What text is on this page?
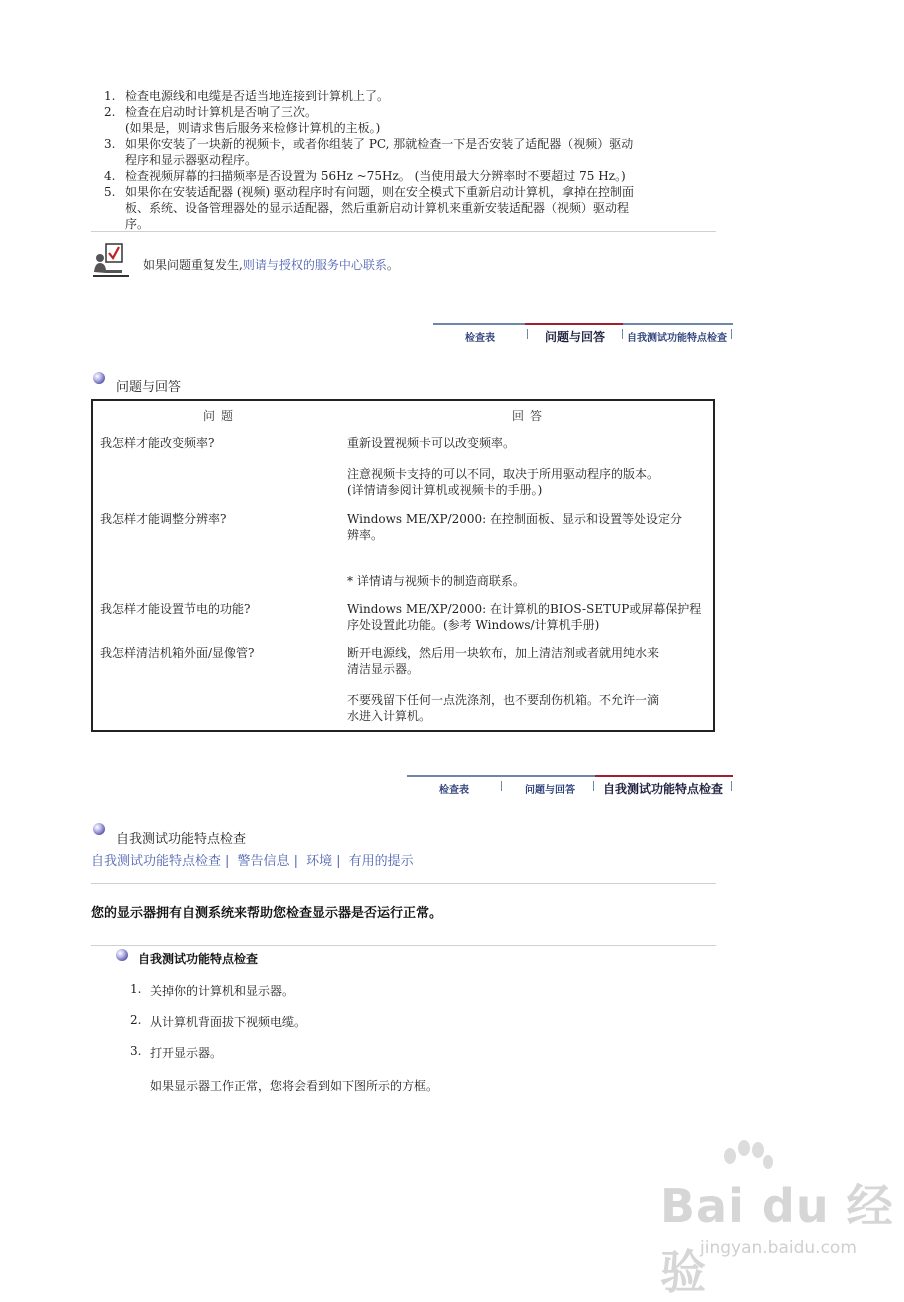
1. 检查电源线和电缆是否适当地连接到计算机上了。
2. 检查在启动时计算机是否响了三次。
(如果是，则请求售后服务来检修计算机的主板。)
3. 如果你安装了一块新的视频卡，或者你组装了 PC, 那就检查一下是否安装了适配器（视频）驱动
程序和显示器驱动程序。
4. 检查视频屏幕的扫描频率是否设置为 56Hz ~75Hz。 (当使用最大分辨率时不要超过 75 Hz。)
5. 如果你在安装适配器 (视频) 驱动程序时有问题，则在安全模式下重新启动计算机，拿掉在控制面
板、系统、设备管理器处的显示适配器，然后重新启动计算机来重新安装适配器（视频）驱动程
序。
如果问题重复发生,则请与授权的服务中心联系。
检查表	问题与回答	自我测试功能特点检查
问题与回答
问题	回答
我怎样才能改变频率?	重新设置视频卡可以改变频率。
注意视频卡支持的可以不同，取决于所用驱动程序的版本。
(详情请参阅计算机或视频卡的手册。)
我怎样才能调整分辨率?	Windows ME/XP/2000: 在控制面板、显示和设置等处设定分
辨率。
* 详情请与视频卡的制造商联系。
我怎样才能设置节电的功能?	Windows ME/XP/2000: 在计算机的BIOS-SETUP或屏幕保护程
序处设置此功能。(参考 Windows/计算机手册)
我怎样清洁机箱外面/显像管?	断开电源线，然后用一块软布，加上清洁剂或者就用纯水来
清洁显示器。
不要残留下任何一点洗涤剂，也不要刮伤机箱。不允许一滴
水进入计算机。
检查表	问题与回答	自我测试功能特点检查
自我测试功能特点检查
自我测试功能特点检查 | 警告信息 | 环境 | 有用的提示
您的显示器拥有自测系统来帮助您检查显示器是否运行正常。
自我测试功能特点检查
1. 关掉你的计算机和显示器。
2. 从计算机背面拔下视频电缆。
3. 打开显示器。
如果显示器工作正常，您将会看到如下图所示的方框。
Bai du 经验
jingyan.baidu.com
